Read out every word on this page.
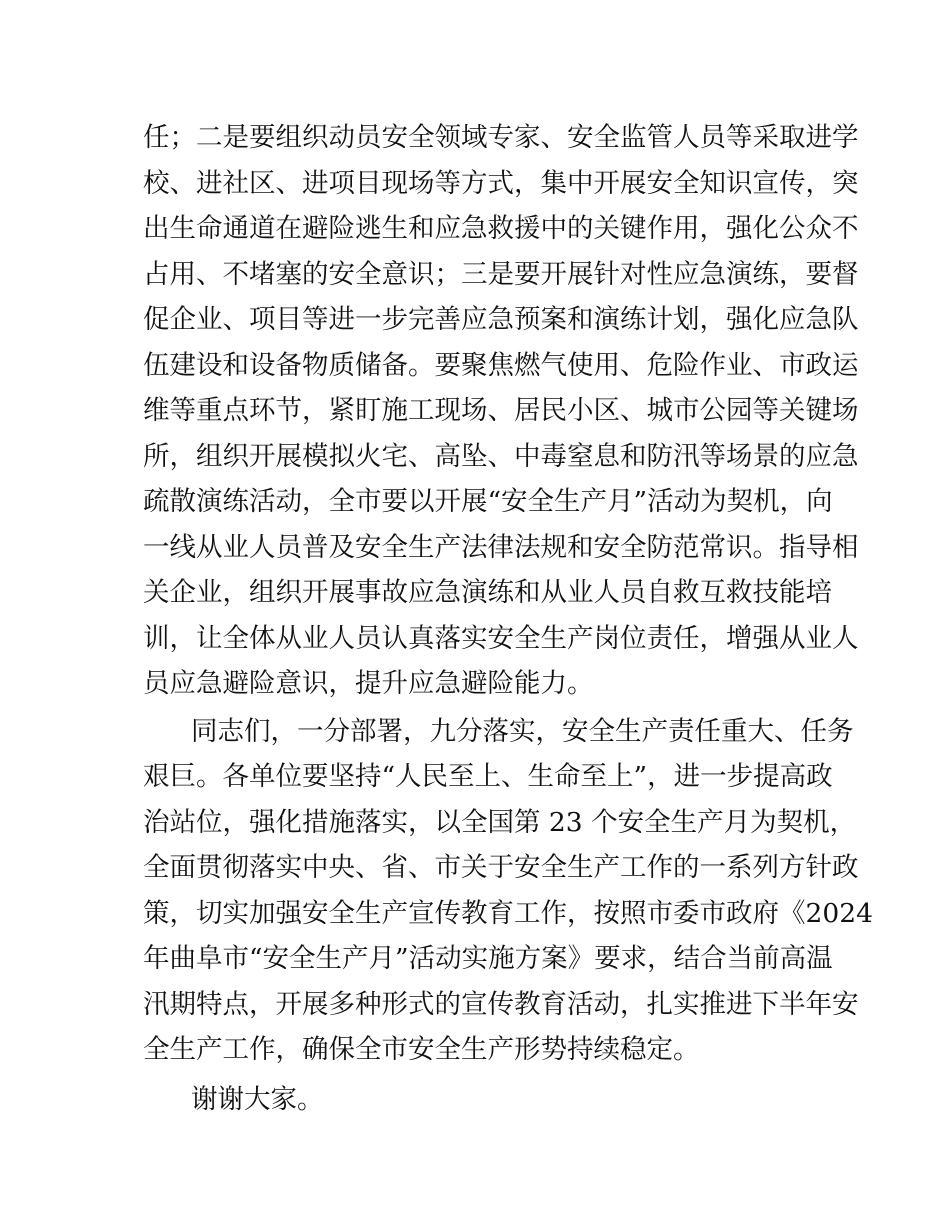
任；二是要组织动员安全领域专家、安全监管人员等采取进学
校、进社区、进项目现场等方式，集中开展安全知识宣传，突
出生命通道在避险逃生和应急救援中的关键作用，强化公众不
占用、不堵塞的安全意识；三是要开展针对性应急演练，要督
促企业、项目等进一步完善应急预案和演练计划，强化应急队
伍建设和设备物质储备。要聚焦燃气使用、危险作业、市政运
维等重点环节，紧盯施工现场、居民小区、城市公园等关键场
所，组织开展模拟火宅、高坠、中毒窒息和防汛等场景的应急
疏散演练活动，全市要以开展“安全生产月”活动为契机，向
一线从业人员普及安全生产法律法规和安全防范常识。指导相
关企业，组织开展事故应急演练和从业人员自救互救技能培
训，让全体从业人员认真落实安全生产岗位责任，增强从业人
员应急避险意识，提升应急避险能力。
同志们，一分部署，九分落实，安全生产责任重大、任务
艰巨。各单位要坚持“人民至上、生命至上”，进一步提高政
治站位，强化措施落实，以全国第 23 个安全生产月为契机，
全面贯彻落实中央、省、市关于安全生产工作的一系列方针政
策，切实加强安全生产宣传教育工作，按照市委市政府《2024
年曲阜市“安全生产月”活动实施方案》要求，结合当前高温
汛期特点，开展多种形式的宣传教育活动，扎实推进下半年安
全生产工作，确保全市安全生产形势持续稳定。
谢谢大家。
